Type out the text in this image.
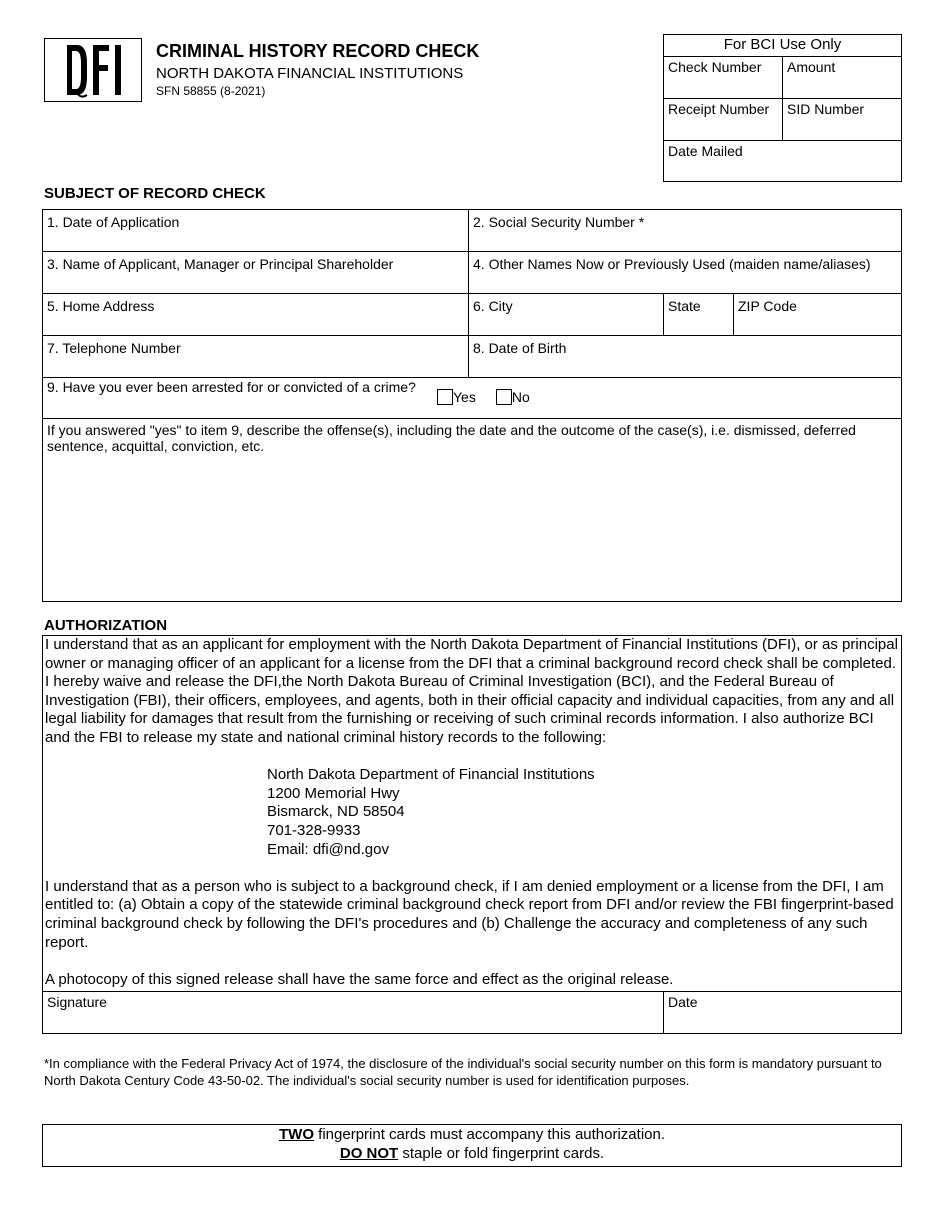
CRIMINAL HISTORY RECORD CHECK
NORTH DAKOTA FINANCIAL INSTITUTIONS
SFN 58855 (8-2021)
For BCI Use Only
Check Number	Amount
Receipt Number	SID Number
Date Mailed
SUBJECT OF RECORD CHECK
1. Date of Application	2. Social Security Number *
3. Name of Applicant, Manager or Principal Shareholder	4. Other Names Now or Previously Used (maiden name/aliases)
5. Home Address	6. City	State	ZIP Code
7. Telephone Number	8. Date of Birth
9. Have you ever been arrested for or convicted of a crime?
Yes	No
If you answered "yes" to item 9, describe the offense(s), including the date and the outcome of the case(s), i.e. dismissed, deferred sentence, acquittal, conviction, etc.
AUTHORIZATION

I understand that as an applicant for employment with the North Dakota Department of Financial Institutions (DFI), or as principal owner or managing officer of an applicant for a license from the DFI that a criminal background record check shall be completed. I hereby waive and release the DFI,the North Dakota Bureau of Criminal Investigation (BCI), and the Federal Bureau of Investigation (FBI), their officers, employees, and agents, both in their official capacity and individual capacities, from any and all legal liability for damages that result from the furnishing or receiving of such criminal records information. I also authorize BCI and the FBI to release my state and national criminal history records to the following:

North Dakota Department of Financial Institutions
1200 Memorial Hwy
Bismarck, ND 58504
701-328-9933
Email: dfi@nd.gov

I understand that as a person who is subject to a background check, if I am denied employment or a license from the DFI, I am entitled to: (a) Obtain a copy of the statewide criminal background check report from DFI and/or review the FBI fingerprint-based criminal background check by following the DFI's procedures and (b) Challenge the accuracy and completeness of any such report.

A photocopy of this signed release shall have the same force and effect as the original release.

Signature	Date
*In compliance with the Federal Privacy Act of 1974, the disclosure of the individual's social security number on this form is mandatory pursuant to North Dakota Century Code 43-50-02. The individual's social security number is used for identification purposes.
TWO fingerprint cards must accompany this authorization.
DO NOT staple or fold fingerprint cards.
